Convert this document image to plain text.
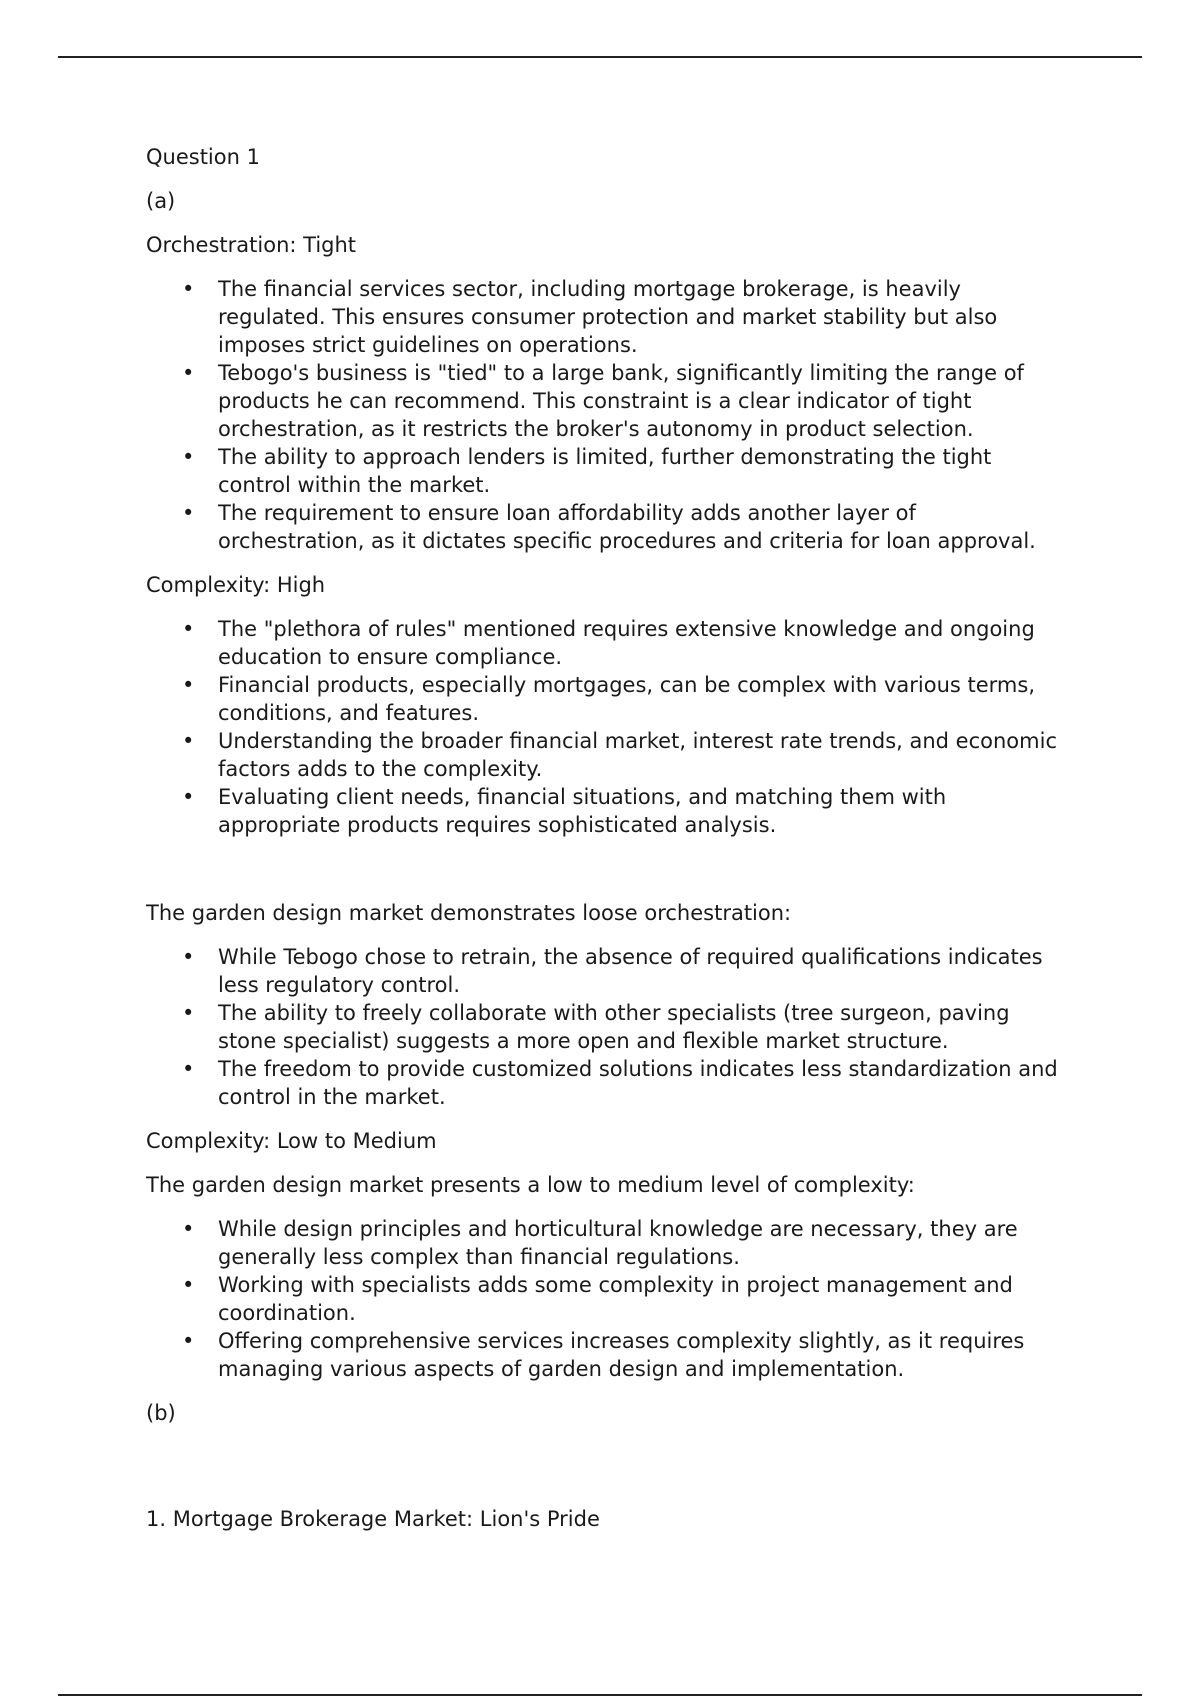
Question 1

(a)

Orchestration: Tight

• The financial services sector, including mortgage brokerage, is heavily regulated. This ensures consumer protection and market stability but also imposes strict guidelines on operations.
• Tebogo's business is "tied" to a large bank, significantly limiting the range of products he can recommend. This constraint is a clear indicator of tight orchestration, as it restricts the broker's autonomy in product selection.
• The ability to approach lenders is limited, further demonstrating the tight control within the market.
• The requirement to ensure loan affordability adds another layer of orchestration, as it dictates specific procedures and criteria for loan approval.

Complexity: High

• The "plethora of rules" mentioned requires extensive knowledge and ongoing education to ensure compliance.
• Financial products, especially mortgages, can be complex with various terms, conditions, and features.
• Understanding the broader financial market, interest rate trends, and economic factors adds to the complexity.
• Evaluating client needs, financial situations, and matching them with appropriate products requires sophisticated analysis.

The garden design market demonstrates loose orchestration:

• While Tebogo chose to retrain, the absence of required qualifications indicates less regulatory control.
• The ability to freely collaborate with other specialists (tree surgeon, paving stone specialist) suggests a more open and flexible market structure.
• The freedom to provide customized solutions indicates less standardization and control in the market.

Complexity: Low to Medium

The garden design market presents a low to medium level of complexity:

• While design principles and horticultural knowledge are necessary, they are generally less complex than financial regulations.
• Working with specialists adds some complexity in project management and coordination.
• Offering comprehensive services increases complexity slightly, as it requires managing various aspects of garden design and implementation.

(b)

1. Mortgage Brokerage Market: Lion's Pride
